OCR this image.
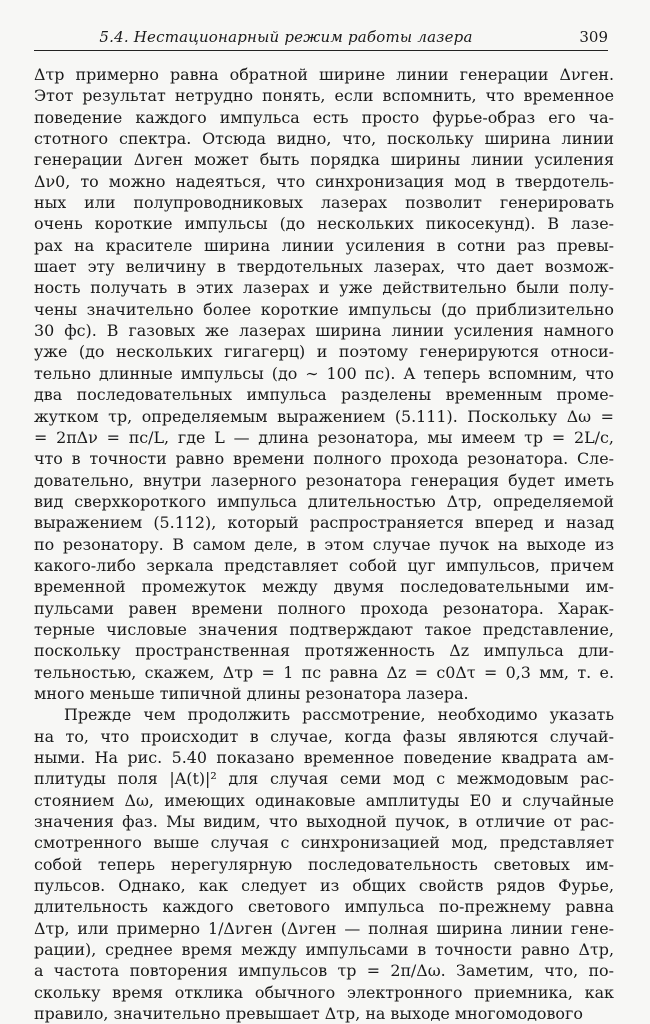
5.4. Нестационарный режим работы лазера	309
Δτp примерно равна обратной ширине линии генерации Δνген.
Этот результат нетрудно понять, если вспомнить, что временное
поведение каждого импульса есть просто фурье-образ его ча-
стотного спектра. Отсюда видно, что, поскольку ширина линии
генерации Δνген может быть порядка ширины линии усиления
Δν0, то можно надеяться, что синхронизация мод в твердотель-
ных или полупроводниковых лазерах позволит генерировать
очень короткие импульсы (до нескольких пикосекунд). В лазе-
рах на красителе ширина линии усиления в сотни раз превы-
шает эту величину в твердотельных лазерах, что дает возмож-
ность получать в этих лазерах и уже действительно были полу-
чены значительно более короткие импульсы (до приблизительно
30 фс). В газовых же лазерах ширина линии усиления намного
уже (до нескольких гигагерц) и поэтому генерируются относи-
тельно длинные импульсы (до ∼ 100 пс). А теперь вспомним, что
два последовательных импульса разделены временным проме-
жутком τp, определяемым выражением (5.111). Поскольку Δω =
= 2πΔν = πc/L, где L — длина резонатора, мы имеем τp = 2L/c,
что в точности равно времени полного прохода резонатора. Сле-
довательно, внутри лазерного резонатора генерация будет иметь
вид сверхкороткого импульса длительностью Δτp, определяемой
выражением (5.112), который распространяется вперед и назад
по резонатору. В самом деле, в этом случае пучок на выходе из
какого-либо зеркала представляет собой цуг импульсов, причем
временной промежуток между двумя последовательными им-
пульсами равен времени полного прохода резонатора. Харак-
терные числовые значения подтверждают такое представление,
поскольку пространственная протяженность Δz импульса дли-
тельностью, скажем, Δτp = 1 пс равна Δz = c0Δτ = 0,3 мм, т. е.
много меньше типичной длины резонатора лазера.
Прежде чем продолжить рассмотрение, необходимо указать
на то, что происходит в случае, когда фазы являются случай-
ными. На рис. 5.40 показано временное поведение квадрата ам-
плитуды поля |A(t)|² для случая семи мод с межмодовым рас-
стоянием Δω, имеющих одинаковые амплитуды E0 и случайные
значения фаз. Мы видим, что выходной пучок, в отличие от рас-
смотренного выше случая с синхронизацией мод, представляет
собой теперь нерегулярную последовательность световых им-
пульсов. Однако, как следует из общих свойств рядов Фурье,
длительность каждого светового импульса по-прежнему равна
Δτp, или примерно 1/Δνген (Δνген — полная ширина линии гене-
рации), среднее время между импульсами в точности равно Δτp,
а частота повторения импульсов τp = 2π/Δω. Заметим, что, по-
скольку время отклика обычного электронного приемника, как
правило, значительно превышает Δτp, на выходе многомодового
